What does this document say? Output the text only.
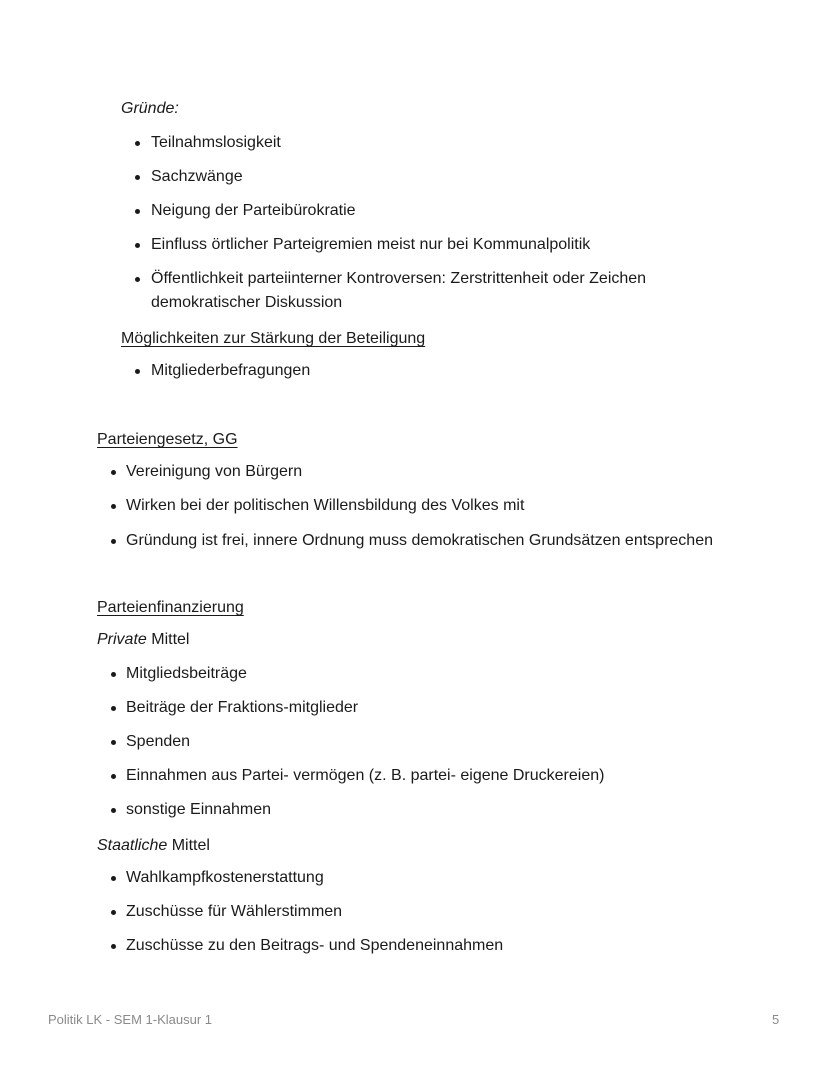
Gründe:
Teilnahmslosigkeit
Sachzwänge
Neigung der Parteibürokratie
Einfluss örtlicher Parteigremien meist nur bei Kommunalpolitik
Öffentlichkeit parteiinterner Kontroversen: Zerstrittenheit oder Zeichen demokratischer Diskussion
Möglichkeiten zur Stärkung der Beteiligung
Mitgliederbefragungen
Parteiengesetz, GG
Vereinigung von Bürgern
Wirken bei der politischen Willensbildung des Volkes mit
Gründung ist frei, innere Ordnung muss demokratischen Grundsätzen entsprechen
Parteienfinanzierung
Private Mittel
Mitgliedsbeiträge
Beiträge der Fraktions-mitglieder
Spenden
Einnahmen aus Partei- vermögen (z. B. partei- eigene Druckereien)
sonstige Einnahmen
Staatliche Mittel
Wahlkampfkostenerstattung
Zuschüsse für Wählerstimmen
Zuschüsse zu den Beitrags- und Spendeneinnahmen
Politik LK - SEM 1-Klausur 1	5
